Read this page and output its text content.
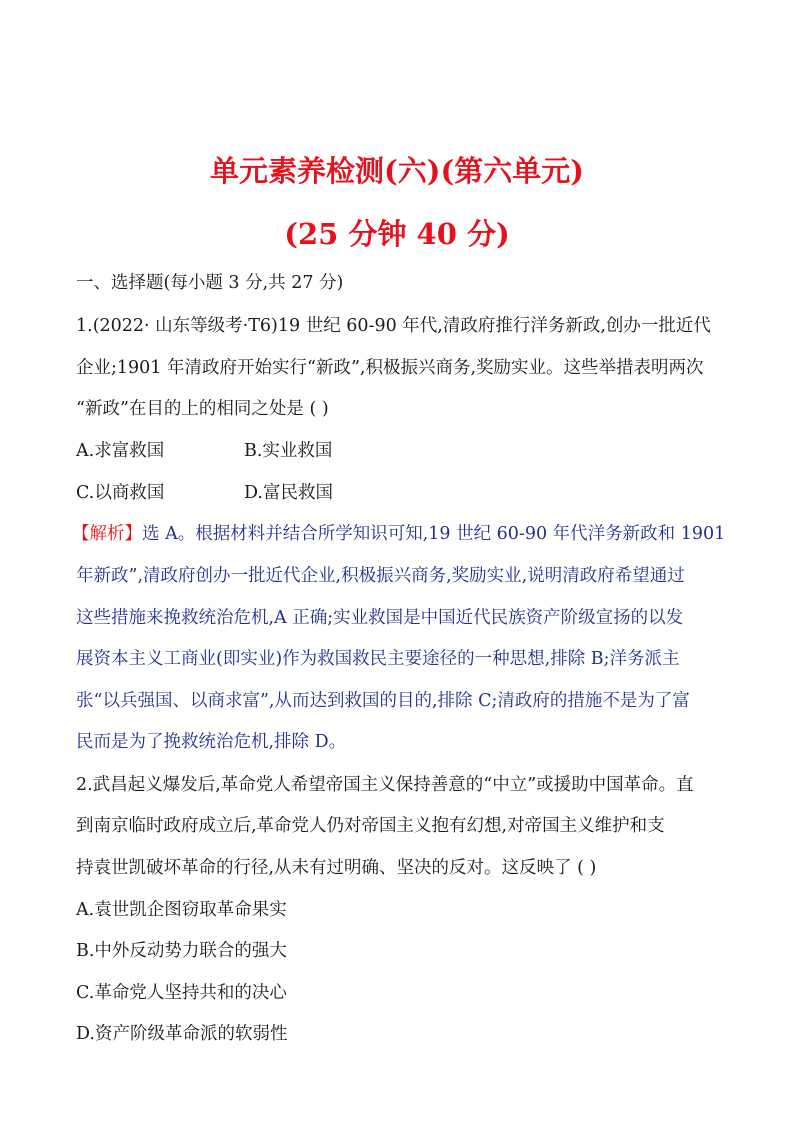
单元素养检测(六)(第六单元)
(25 分钟 40 分)
一、选择题(每小题 3 分,共 27 分)
1.(2022· 山东等级考·T6)19 世纪 60-90 年代,清政府推行洋务新政,创办一批近代
企业;1901 年清政府开始实行“新政”,积极振兴商务,奖励实业。这些举措表明两次
“新政”在目的上的相同之处是 ( )
A.求富救国	B.实业救国
C.以商救国	D.富民救国
【解析】选 A。根据材料并结合所学知识可知,19 世纪 60-90 年代洋务新政和 1901
年新政”,清政府创办一批近代企业,积极振兴商务,奖励实业,说明清政府希望通过
这些措施来挽救统治危机,A 正确;实业救国是中国近代民族资产阶级宣扬的以发
展资本主义工商业(即实业)作为救国救民主要途径的一种思想,排除 B;洋务派主
张“以兵强国、以商求富”,从而达到救国的目的,排除 C;清政府的措施不是为了富
民而是为了挽救统治危机,排除 D。
2.武昌起义爆发后,革命党人希望帝国主义保持善意的“中立”或援助中国革命。直
到南京临时政府成立后,革命党人仍对帝国主义抱有幻想,对帝国主义维护和支
持袁世凯破坏革命的行径,从未有过明确、坚决的反对。这反映了 ( )
A.袁世凯企图窃取革命果实
B.中外反动势力联合的强大
C.革命党人坚持共和的决心
D.资产阶级革命派的软弱性
